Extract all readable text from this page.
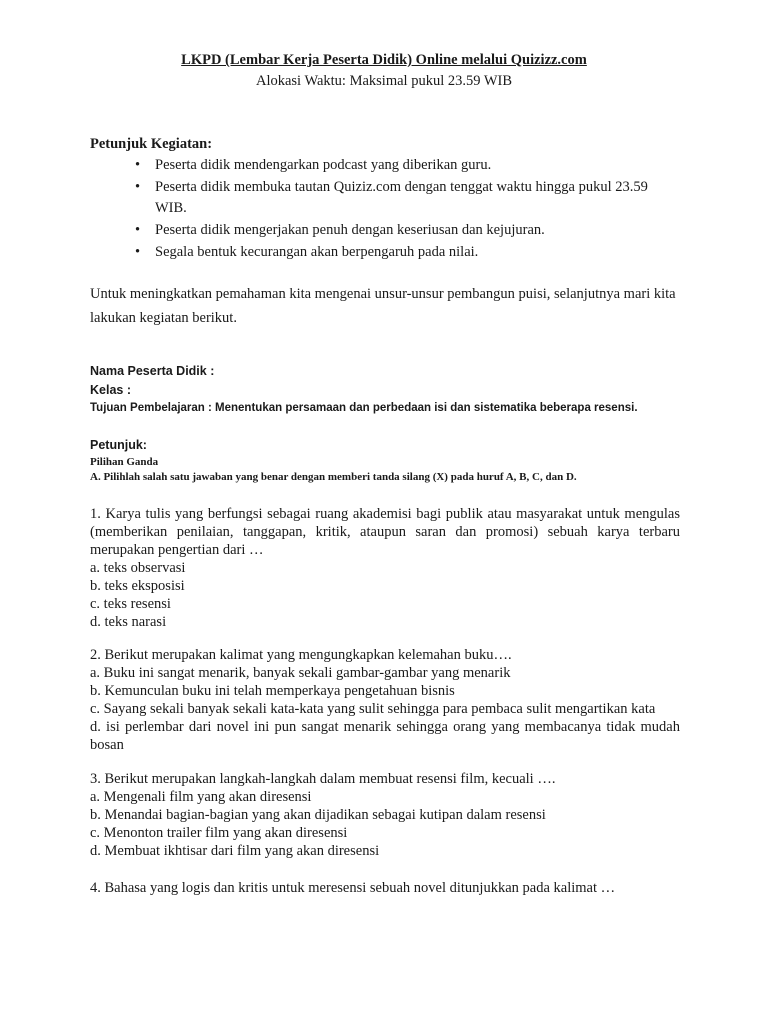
LKPD (Lembar Kerja Peserta Didik) Online melalui Quizizz.com
Alokasi Waktu: Maksimal pukul 23.59 WIB
Petunjuk Kegiatan:
• Peserta didik mendengarkan podcast yang diberikan guru.
• Peserta didik membuka tautan Quiziz.com dengan tenggat waktu hingga pukul 23.59 WIB.
• Peserta didik mengerjakan penuh dengan keseriusan dan kejujuran.
• Segala bentuk kecurangan akan berpengaruh pada nilai.
Untuk meningkatkan pemahaman kita mengenai unsur-unsur pembangun puisi, selanjutnya mari kita lakukan kegiatan berikut.
Nama Peserta Didik :
Kelas :
Tujuan Pembelajaran : Menentukan persamaan dan perbedaan isi dan sistematika beberapa resensi.
Petunjuk:
Pilihan Ganda
A. Pilihlah salah satu jawaban yang benar dengan memberi tanda silang (X) pada huruf A, B, C, dan D.
1. Karya tulis yang berfungsi sebagai ruang akademisi bagi publik atau masyarakat untuk mengulas (memberikan penilaian, tanggapan, kritik, ataupun saran dan promosi) sebuah karya terbaru merupakan pengertian dari …
a. teks observasi
b. teks eksposisi
c. teks resensi
d. teks narasi
2. Berikut merupakan kalimat yang mengungkapkan kelemahan buku….
a. Buku ini sangat menarik, banyak sekali gambar-gambar yang menarik
b. Kemunculan buku ini telah memperkaya pengetahuan bisnis
c. Sayang sekali banyak sekali kata-kata yang sulit sehingga para pembaca sulit mengartikan kata
d. isi perlembar dari novel ini pun sangat menarik sehingga orang yang membacanya tidak mudah bosan
3. Berikut merupakan langkah-langkah dalam membuat resensi film, kecuali ….
a. Mengenali film yang akan diresensi
b. Menandai bagian-bagian yang akan dijadikan sebagai kutipan dalam resensi
c. Menonton trailer film yang akan diresensi
d. Membuat ikhtisar dari film yang akan diresensi
4. Bahasa yang logis dan kritis untuk meresensi sebuah novel ditunjukkan pada kalimat …
